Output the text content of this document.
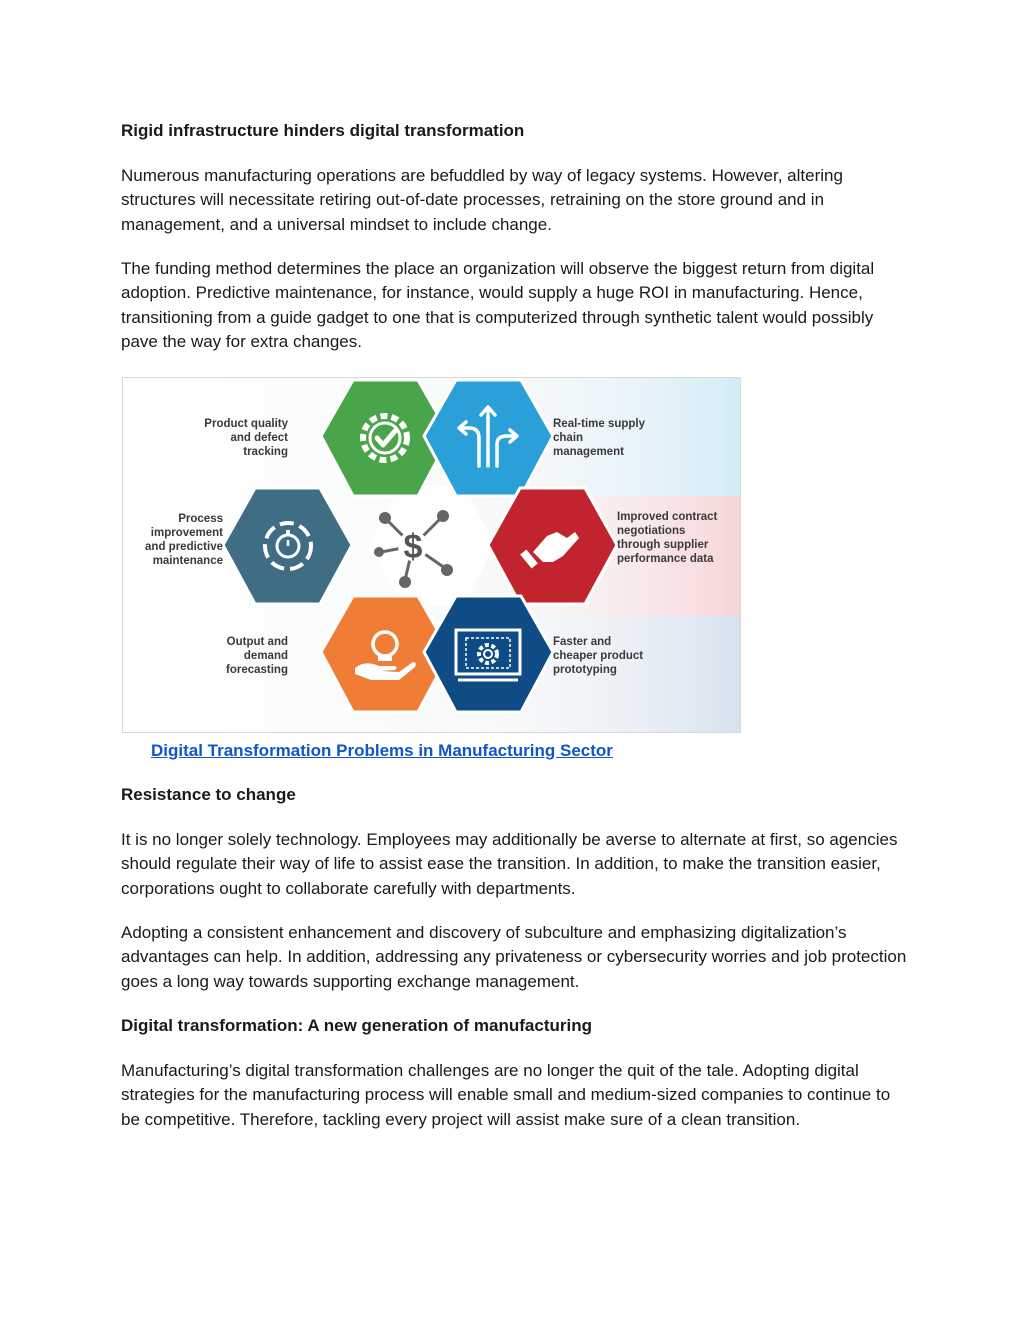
Rigid infrastructure hinders digital transformation

Numerous manufacturing operations are befuddled by way of legacy systems. However, altering structures will necessitate retiring out-of-date processes, retraining on the store ground and in management, and a universal mindset to include change.

The funding method determines the place an organization will observe the biggest return from digital adoption. Predictive maintenance, for instance, would supply a huge ROI in manufacturing. Hence, transitioning from a guide gadget to one that is computerized through synthetic talent would possibly pave the way for extra changes.

Resistance to change

It is no longer solely technology. Employees may additionally be averse to alternate at first, so agencies should regulate their way of life to assist ease the transition. In addition, to make the transition easier, corporations ought to collaborate carefully with departments.

Adopting a consistent enhancement and discovery of subculture and emphasizing digitalization’s advantages can help. In addition, addressing any privateness or cybersecurity worries and job protection goes a long way towards supporting exchange management.

Digital transformation: A new generation of manufacturing

Manufacturing’s digital transformation challenges are no longer the quit of the tale. Adopting digital strategies for the manufacturing process will enable small and medium-sized companies to continue to be competitive. Therefore, tackling every project will assist make sure of a clean transition.

$
Product quality and defect tracking
Real-time supply chain management
Process improvement and predictive maintenance
Improved contract negotiations through supplier performance data
Output and demand forecasting
Faster and cheaper product prototyping
Digital Transformation Problems in Manufacturing Sector
